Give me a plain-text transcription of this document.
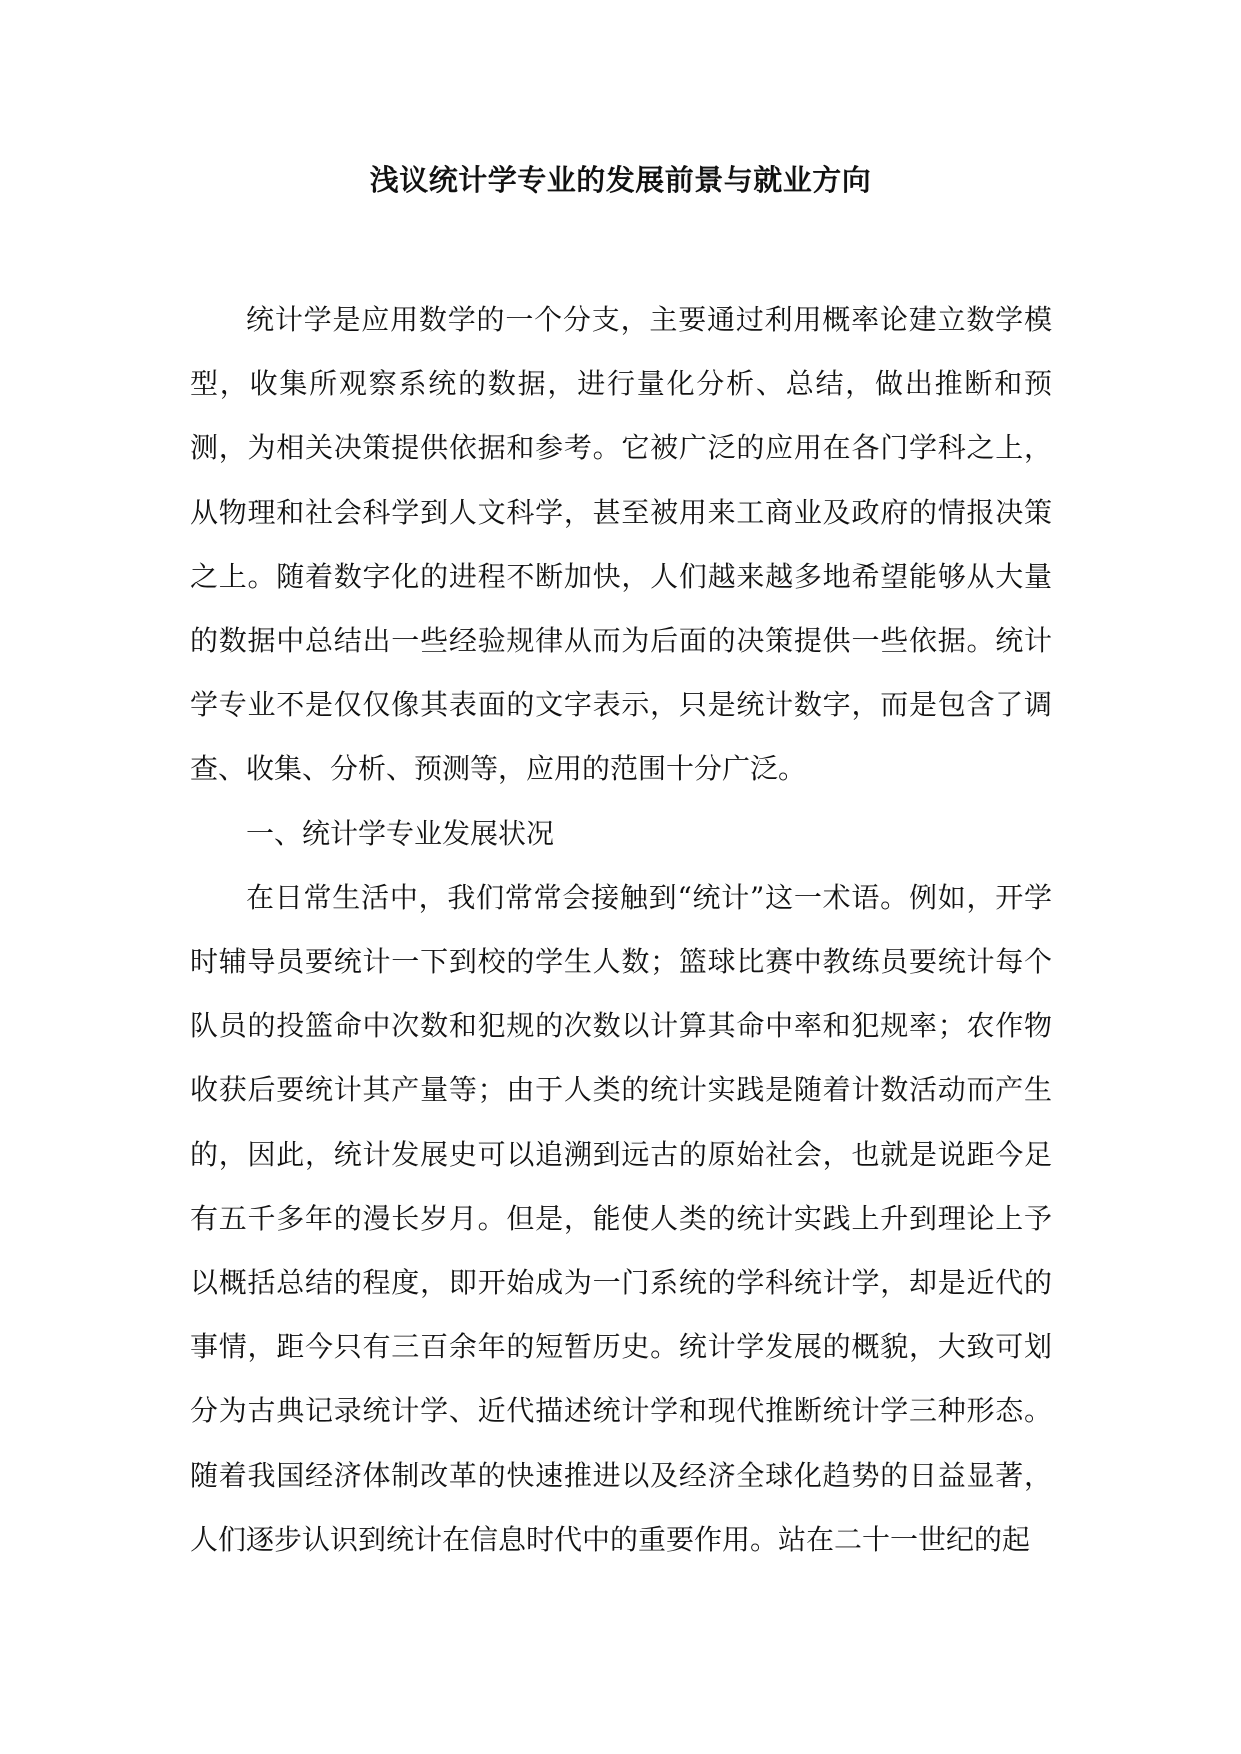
浅议统计学专业的发展前景与就业方向

统计学是应用数学的一个分支，主要通过利用概率论建立数学模型，收集所观察系统的数据，进行量化分析、总结，做出推断和预测，为相关决策提供依据和参考。它被广泛的应用在各门学科之上，从物理和社会科学到人文科学，甚至被用来工商业及政府的情报决策之上。随着数字化的进程不断加快，人们越来越多地希望能够从大量的数据中总结出一些经验规律从而为后面的决策提供一些依据。统计学专业不是仅仅像其表面的文字表示，只是统计数字，而是包含了调查、收集、分析、预测等，应用的范围十分广泛。

一、统计学专业发展状况

在日常生活中，我们常常会接触到“统计”这一术语。例如，开学时辅导员要统计一下到校的学生人数；篮球比赛中教练员要统计每个队员的投篮命中次数和犯规的次数以计算其命中率和犯规率；农作物收获后要统计其产量等；由于人类的统计实践是随着计数活动而产生的，因此，统计发展史可以追溯到远古的原始社会，也就是说距今足有五千多年的漫长岁月。但是，能使人类的统计实践上升到理论上予以概括总结的程度，即开始成为一门系统的学科统计学，却是近代的事情，距今只有三百余年的短暂历史。统计学发展的概貌，大致可划分为古典记录统计学、近代描述统计学和现代推断统计学三种形态。随着我国经济体制改革的快速推进以及经济全球化趋势的日益显著，人们逐步认识到统计在信息时代中的重要作用。站在二十一世纪的起
